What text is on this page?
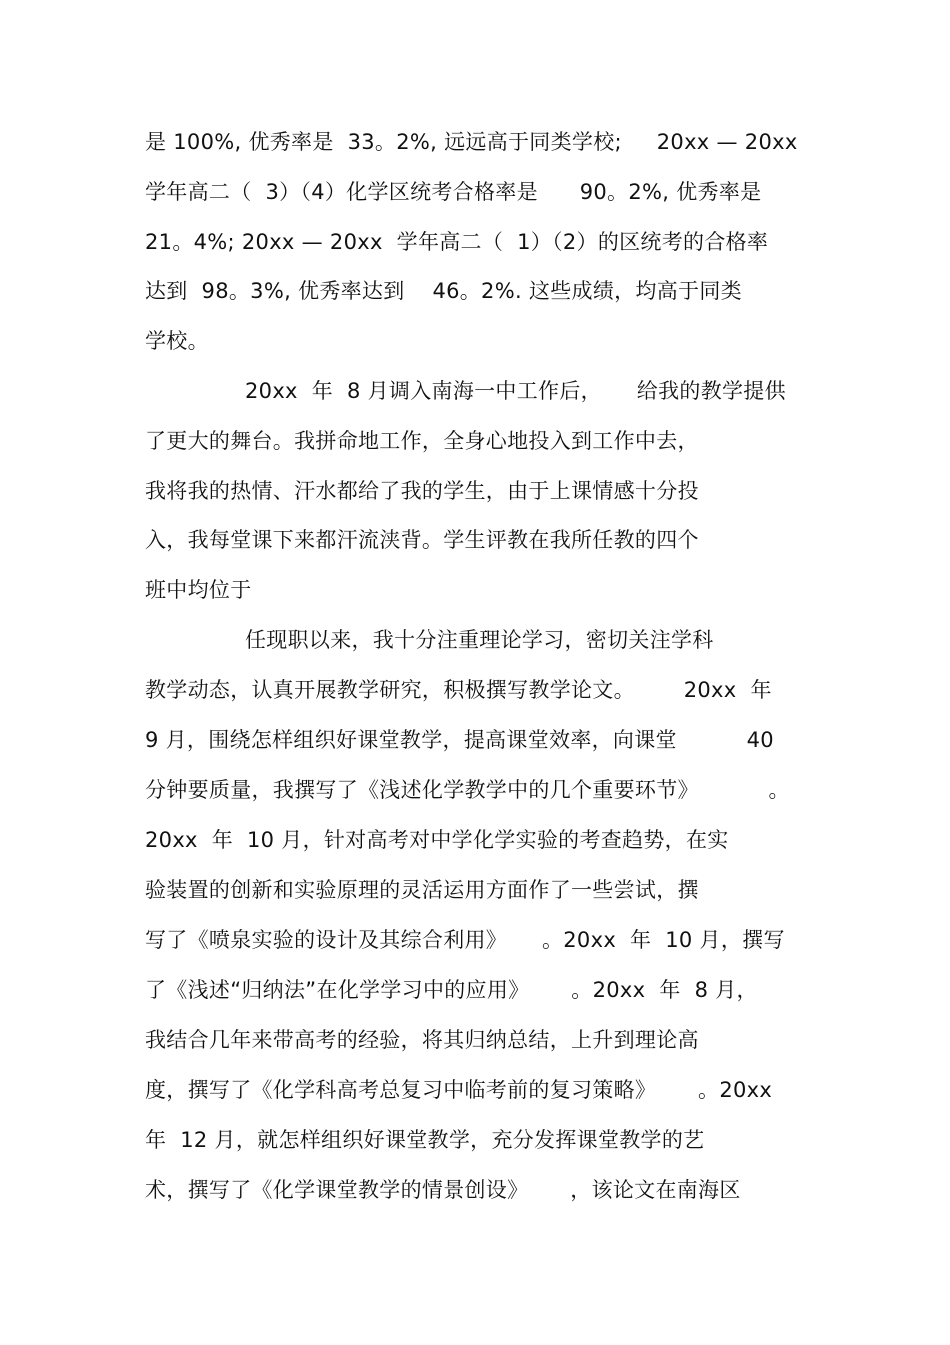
是 100%, 优秀率是  33。2%, 远远高于同类学校;     20xx — 20xx
学年高二（  3）（4）化学区统考合格率是      90。2%, 优秀率是
21。4%; 20xx — 20xx  学年高二（  1）（2）的区统考的合格率
达到  98。3%, 优秀率达到    46。2%. 这些成绩，均高于同类
学校。
20xx  年  8 月调入南海一中工作后，     给我的教学提供
了更大的舞台。我拼命地工作，全身心地投入到工作中去，
我将我的热情、汗水都给了我的学生，由于上课情感十分投
入，我每堂课下来都汗流浃背。学生评教在我所任教的四个
班中均位于
任现职以来，我十分注重理论学习，密切关注学科
教学动态，认真开展教学研究，积极撰写教学论文。       20xx  年
9 月，围绕怎样组织好课堂教学，提高课堂效率，向课堂          40
分钟要质量，我撰写了《浅述化学教学中的几个重要环节》          。
20xx  年  10 月，针对高考对中学化学实验的考查趋势，在实
验装置的创新和实验原理的灵活运用方面作了一些尝试，撰
写了《喷泉实验的设计及其综合利用》     。20xx  年  10 月，撰写
了《浅述“归纳法”在化学学习中的应用》      。20xx  年  8 月，
我结合几年来带高考的经验，将其归纳总结，上升到理论高
度，撰写了《化学科高考总复习中临考前的复习策略》      。20xx
年  12 月，就怎样组织好课堂教学，充分发挥课堂教学的艺
术，撰写了《化学课堂教学的情景创设》      ，该论文在南海区
